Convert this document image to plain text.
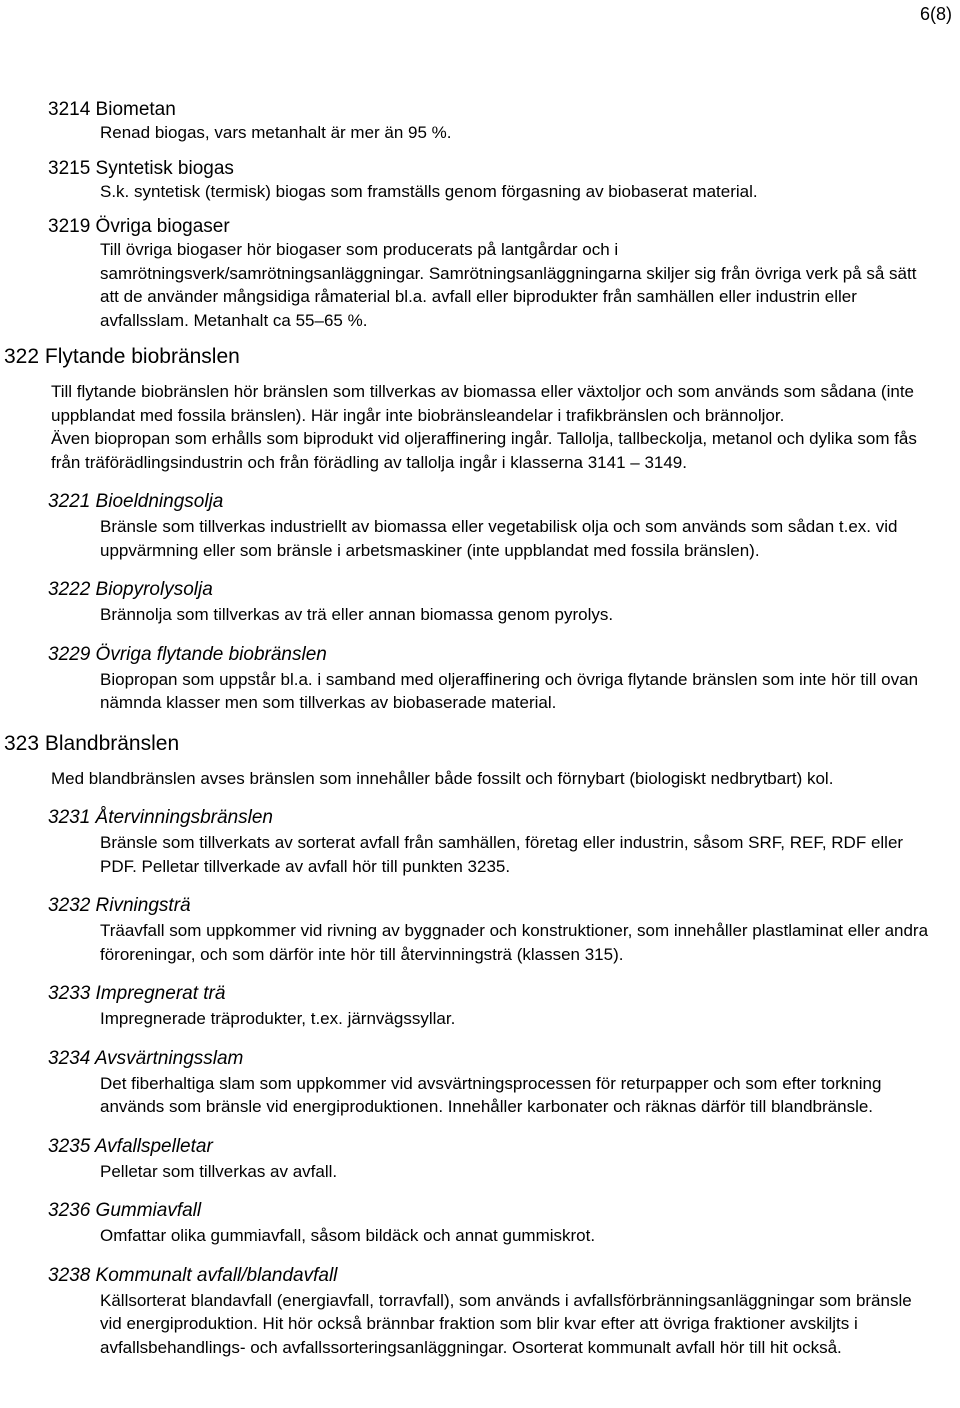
6(8)
3214 Biometan
Renad biogas, vars metanhalt är mer än 95 %.
3215 Syntetisk biogas
S.k. syntetisk (termisk) biogas som framställs genom förgasning av biobaserat material.
3219 Övriga biogaser
Till övriga biogaser hör biogaser som producerats på lantgårdar och i samrötningsverk/samrötningsanläggningar. Samrötningsanläggningarna skiljer sig från övriga verk på så sätt att de använder mångsidiga råmaterial bl.a. avfall eller biprodukter från samhällen eller industrin eller avfallsslam. Metanhalt ca 55–65 %.
322 Flytande biobränslen
Till flytande biobränslen hör bränslen som tillverkas av biomassa eller växtoljor och som används som sådana (inte uppblandat med fossila bränslen). Här ingår inte biobränsleandelar i trafikbränslen och brännoljor.
Även biopropan som erhålls som biprodukt vid oljeraffinering ingår. Tallolja, tallbeckolja, metanol och dylika som fås från träförädlingsindustrin och från förädling av tallolja ingår i klasserna 3141 – 3149.
3221 Bioeldningsolja
Bränsle som tillverkas industriellt av biomassa eller vegetabilisk olja och som används som sådan t.ex. vid uppvärmning eller som bränsle i arbetsmaskiner (inte uppblandat med fossila bränslen).
3222 Biopyrolysolja
Brännolja som tillverkas av trä eller annan biomassa genom pyrolys.
3229 Övriga flytande biobränslen
Biopropan som uppstår bl.a. i samband med oljeraffinering och övriga flytande bränslen som inte hör till ovan nämnda klasser men som tillverkas av biobaserade material.
323 Blandbränslen
Med blandbränslen avses bränslen som innehåller både fossilt och förnybart (biologiskt nedbrytbart) kol.
3231 Återvinningsbränslen
Bränsle som tillverkats av sorterat avfall från samhällen, företag eller industrin, såsom SRF, REF, RDF eller PDF. Pelletar tillverkade av avfall hör till punkten 3235.
3232 Rivningsträ
Träavfall som uppkommer vid rivning av byggnader och konstruktioner, som innehåller plastlaminat eller andra föroreningar, och som därför inte hör till återvinningsträ (klassen 315).
3233 Impregnerat trä
Impregnerade träprodukter, t.ex. järnvägssyllar.
3234 Avsvärtningsslam
Det fiberhaltiga slam som uppkommer vid avsvärtningsprocessen för returpapper och som efter torkning används som bränsle vid energiproduktionen. Innehåller karbonater och räknas därför till blandbränsle.
3235 Avfallspelletar
Pelletar som tillverkas av avfall.
3236 Gummiavfall
Omfattar olika gummiavfall, såsom bildäck och annat gummiskrot.
3238 Kommunalt avfall/blandavfall
Källsorterat blandavfall (energiavfall, torravfall), som används i avfallsförbränningsanläggningar som bränsle vid energiproduktion. Hit hör också brännbar fraktion som blir kvar efter att övriga fraktioner avskiljts i avfallsbehandlings- och avfallssorteringsanläggningar. Osorterat kommunalt avfall hör till hit också.
